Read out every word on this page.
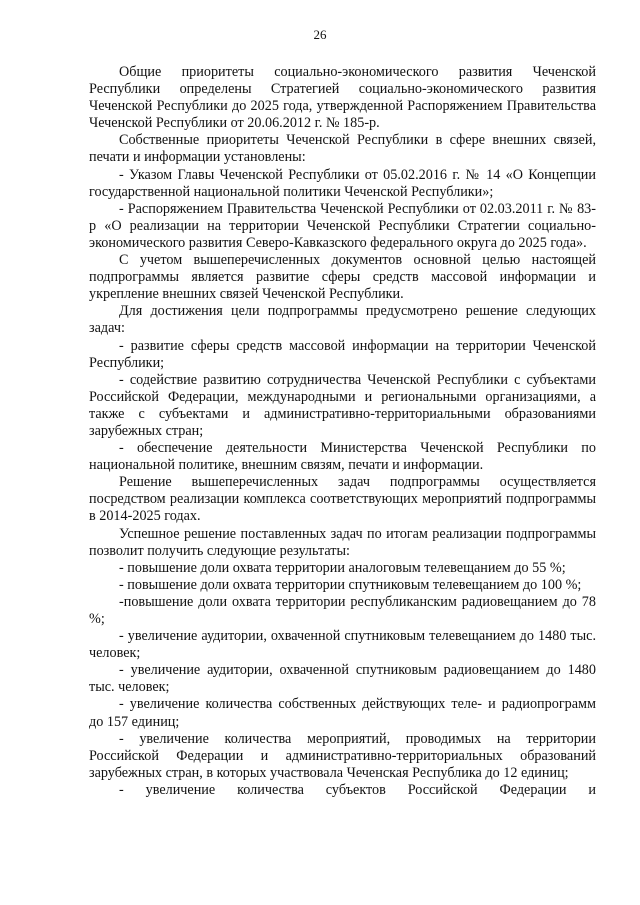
26

Общие приоритеты социально-экономического развития Чеченской Республики определены Стратегией социально-экономического развития Чеченской Республики до 2025 года, утвержденной Распоряжением Правительства Чеченской Республики от 20.06.2012 г. № 185-р.

Собственные приоритеты Чеченской Республики в сфере внешних связей, печати и информации установлены:

- Указом Главы Чеченской Республики от 05.02.2016 г. № 14 «О Концепции государственной национальной политики Чеченской Республики»;

- Распоряжением Правительства Чеченской Республики от 02.03.2011 г. № 83-р «О реализации на территории Чеченской Республики Стратегии социально-экономического развития Северо-Кавказского федерального округа до 2025 года».

С учетом вышеперечисленных документов основной целью настоящей подпрограммы является развитие сферы средств массовой информации и укрепление внешних связей Чеченской Республики.

Для достижения цели подпрограммы предусмотрено решение следующих задач:

- развитие сферы средств массовой информации на территории Чеченской Республики;

- содействие развитию сотрудничества Чеченской Республики с субъектами Российской Федерации, международными и региональными организациями, а также с субъектами и административно-территориальными образованиями зарубежных стран;

- обеспечение деятельности Министерства Чеченской Республики по национальной политике, внешним связям, печати и информации.

Решение вышеперечисленных задач подпрограммы осуществляется посредством реализации комплекса соответствующих мероприятий подпрограммы в 2014-2025 годах.

Успешное решение поставленных задач по итогам реализации подпрограммы позволит получить следующие результаты:

- повышение доли охвата территории аналоговым телевещанием до 55 %;

- повышение доли охвата территории спутниковым телевещанием до 100 %;

-повышение доли охвата территории республиканским радиовещанием до 78 %;

- увеличение аудитории, охваченной спутниковым телевещанием до 1480 тыс. человек;

- увеличение аудитории, охваченной спутниковым радиовещанием до 1480 тыс. человек;

- увеличение количества собственных действующих теле- и радиопрограмм до 157 единиц;

- увеличение количества мероприятий, проводимых на территории Российской Федерации и административно-территориальных образований зарубежных стран, в которых участвовала Чеченская Республика до 12 единиц;

- увеличение количества субъектов Российской Федерации и
